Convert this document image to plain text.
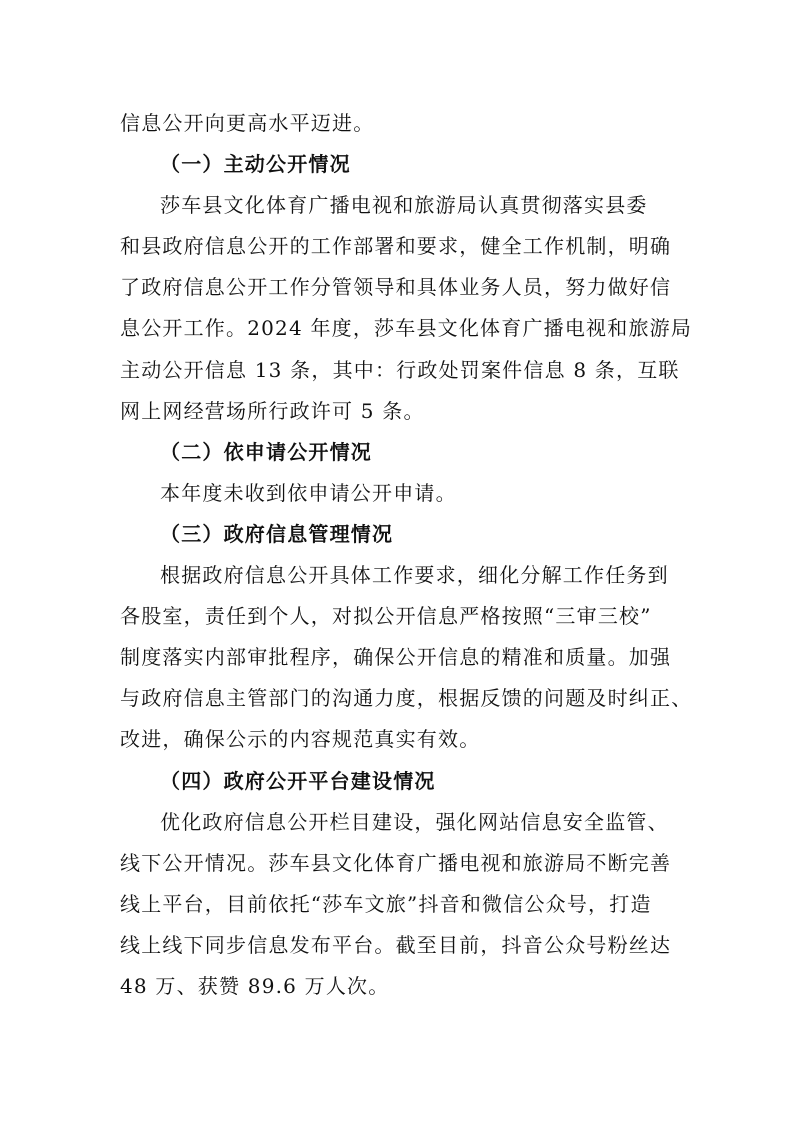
信息公开向更高水平迈进。
（一）主动公开情况
莎车县文化体育广播电视和旅游局认真贯彻落实县委
和县政府信息公开的工作部署和要求，健全工作机制，明确
了政府信息公开工作分管领导和具体业务人员，努力做好信
息公开工作。2024 年度，莎车县文化体育广播电视和旅游局
主动公开信息 13 条，其中：行政处罚案件信息 8 条，互联
网上网经营场所行政许可 5 条。
（二）依申请公开情况
本年度未收到依申请公开申请。
（三）政府信息管理情况
根据政府信息公开具体工作要求，细化分解工作任务到
各股室，责任到个人，对拟公开信息严格按照“三审三校”
制度落实内部审批程序，确保公开信息的精准和质量。加强
与政府信息主管部门的沟通力度，根据反馈的问题及时纠正、
改进，确保公示的内容规范真实有效。
（四）政府公开平台建设情况
优化政府信息公开栏目建设，强化网站信息安全监管、
线下公开情况。莎车县文化体育广播电视和旅游局不断完善
线上平台，目前依托“莎车文旅”抖音和微信公众号，打造
线上线下同步信息发布平台。截至目前，抖音公众号粉丝达
48 万、获赞 89.6 万人次。
